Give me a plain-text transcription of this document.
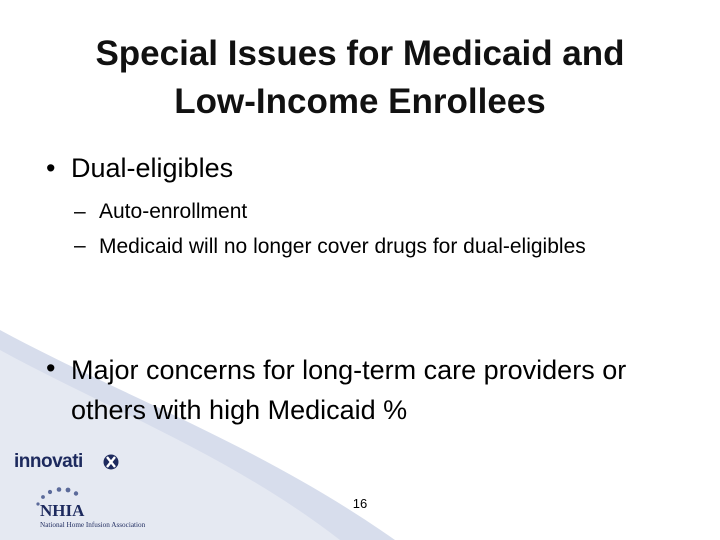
Special Issues for Medicaid and
Low-Income Enrollees
• Dual-eligibles
– Auto-enrollment
– Medicaid will no longer cover drugs for dual-eligibles
• Major concerns for long-term care providers or others with high Medicaid %
innovati
NHIA
National Home Infusion Association
16
